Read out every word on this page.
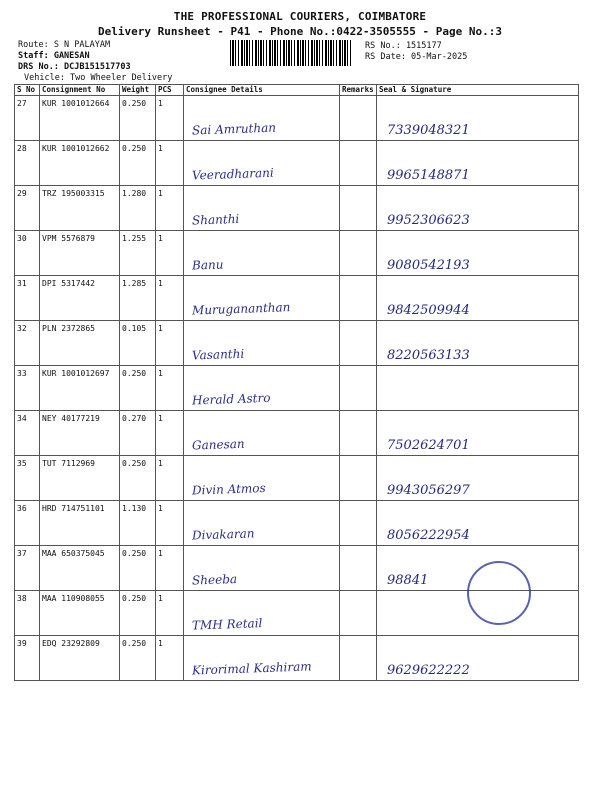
THE PROFESSIONAL COURIERS, COIMBATORE
Delivery Runsheet - P41 - Phone No.:0422-3505555 - Page No.:3
Route: S N PALAYAM
Staff: GANESAN
DRS No.: DCJB151517703
Vehicle: Two Wheeler Delivery
RS No.: 1515177
RS Date: 05-Mar-2025
S No	Consignment No	Weight	PCS	Consignee Details	Remarks	Seal & Signature
27	KUR 1001012664	0.250	1	Sai Amruthan		7339048321

28	KUR 1001012662	0.250	1	Veeradharani		9965148871

29	TRZ 195003315	1.280	1	Shanthi		9952306623

30	VPM 5576879	1.255	1	Banu		9080542193

31	DPI 5317442	1.285	1	Murugananthan		9842509944

32	PLN 2372865	0.105	1	Vasanthi		8220563133

33	KUR 1001012697	0.250	1	Herald Astro		

34	NEY 40177219	0.270	1	Ganesan		7502624701

35	TUT 7112969	0.250	1	Divin Atmos		9943056297

36	HRD 714751101	1.130	1	Divakaran		8056222954

37	MAA 650375045	0.250	1	Sheeba		98841

38	MAA 110908055	0.250	1	TMH Retail		

39	EDQ 23292809	0.250	1	Kirorimal Kashiram		9629622222
